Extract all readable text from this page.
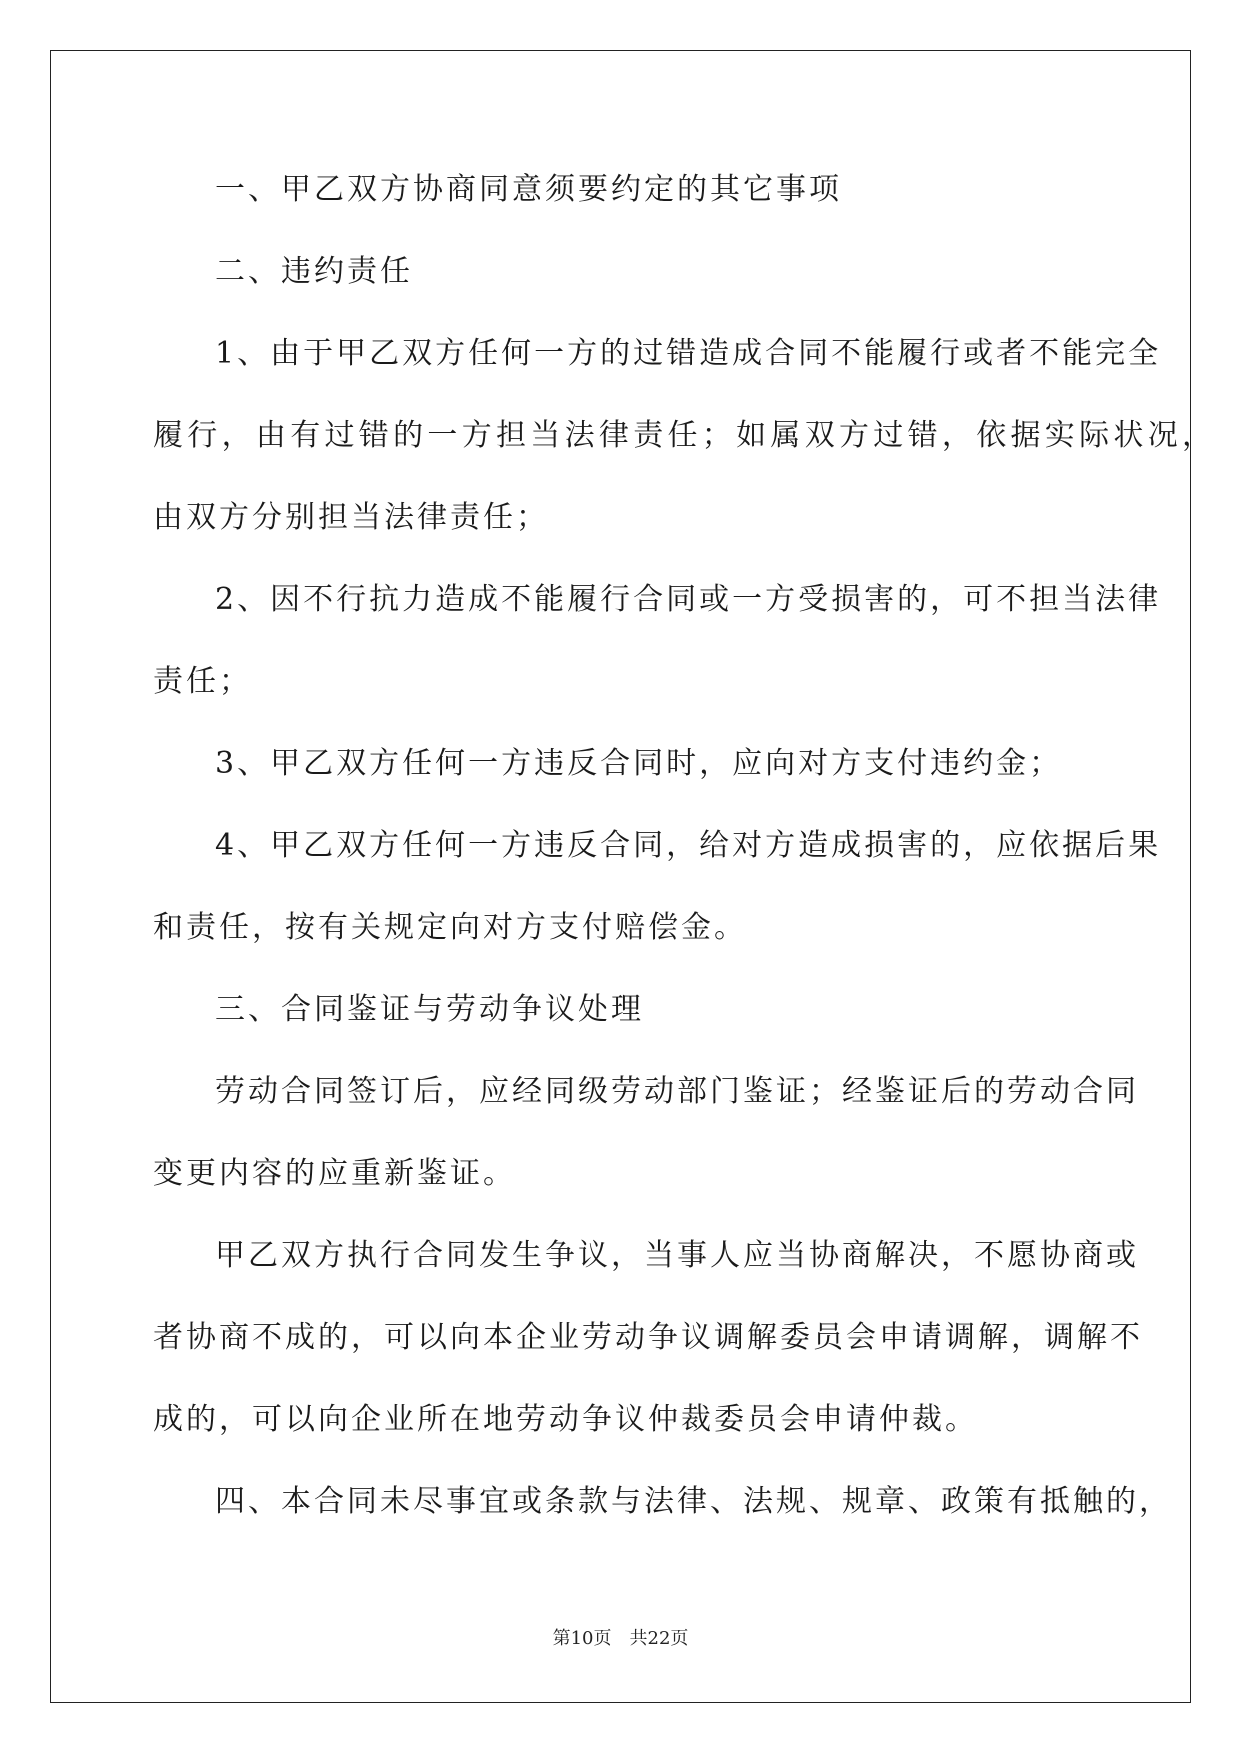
一、甲乙双方协商同意须要约定的其它事项
二、违约责任
1、由于甲乙双方任何一方的过错造成合同不能履行或者不能完全
履行，由有过错的一方担当法律责任；如属双方过错，依据实际状况，
由双方分别担当法律责任；
2、因不行抗力造成不能履行合同或一方受损害的，可不担当法律
责任；
3、甲乙双方任何一方违反合同时，应向对方支付违约金；
4、甲乙双方任何一方违反合同，给对方造成损害的，应依据后果
和责任，按有关规定向对方支付赔偿金。
三、合同鉴证与劳动争议处理
劳动合同签订后，应经同级劳动部门鉴证；经鉴证后的劳动合同
变更内容的应重新鉴证。
甲乙双方执行合同发生争议，当事人应当协商解决，不愿协商或
者协商不成的，可以向本企业劳动争议调解委员会申请调解，调解不
成的，可以向企业所在地劳动争议仲裁委员会申请仲裁。
四、本合同未尽事宜或条款与法律、法规、规章、政策有抵触的，
第10页　共22页
